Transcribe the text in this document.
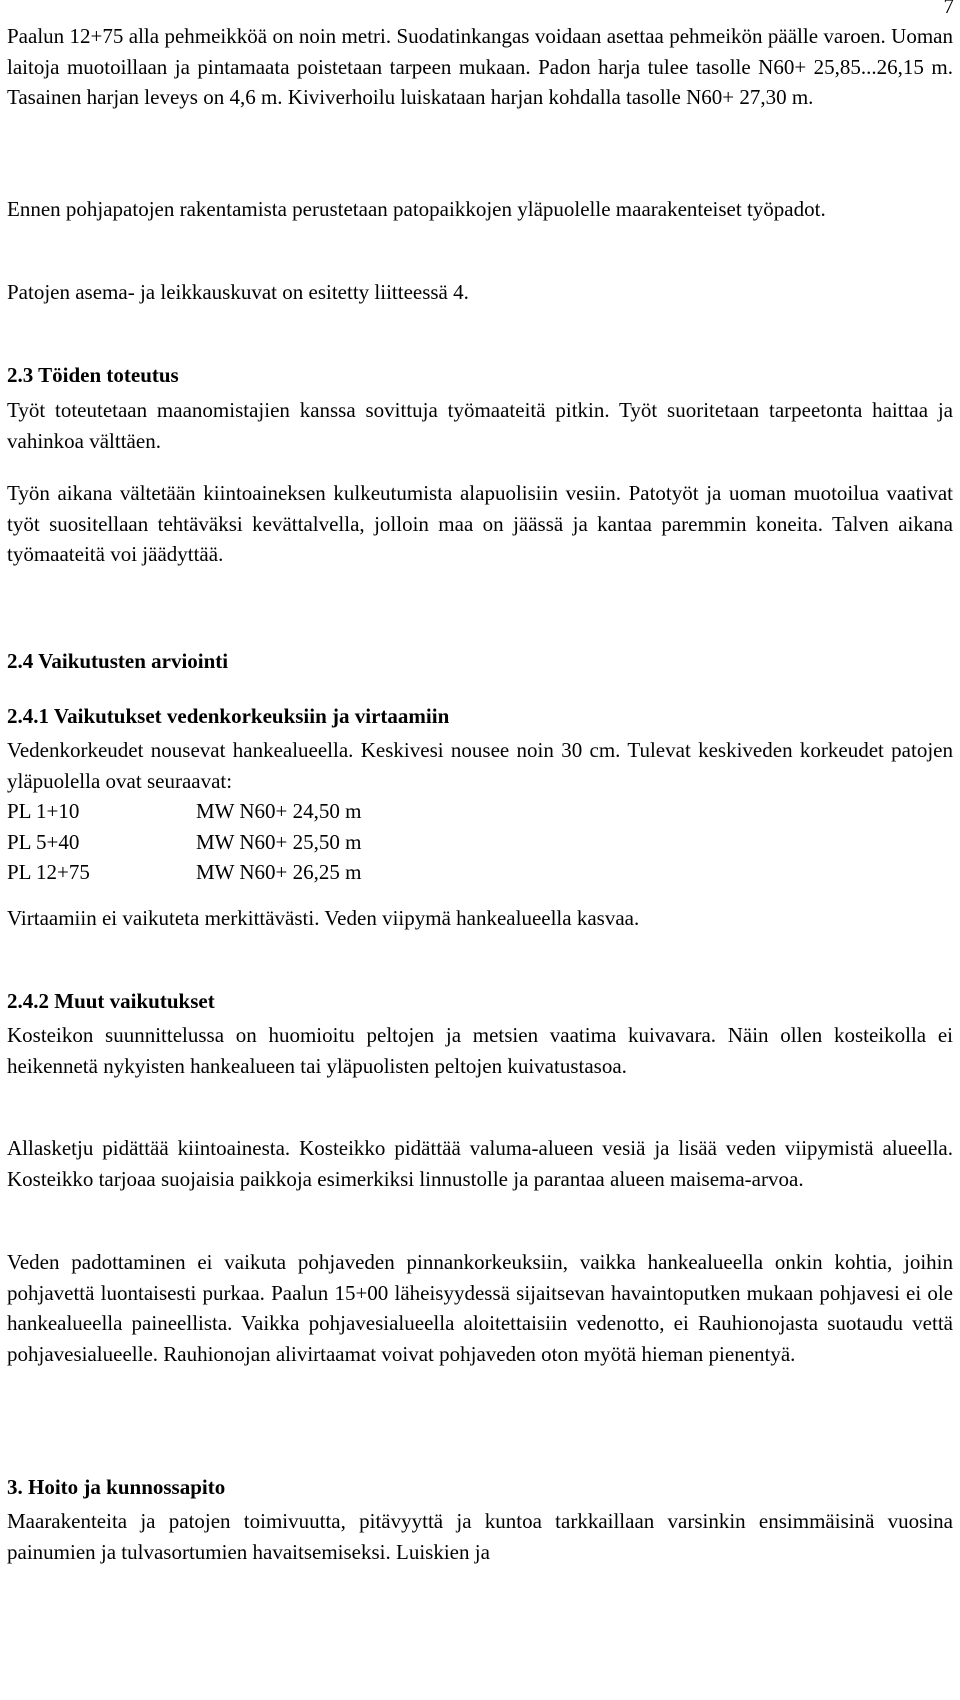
7

Paalun 12+75 alla pehmeikköä on noin metri. Suodatinkangas voidaan asettaa pehmeikön päälle varoen. Uoman laitoja muotoillaan ja pintamaata poistetaan tarpeen mukaan. Padon harja tulee tasolle N60+ 25,85...26,15 m. Tasainen harjan leveys on 4,6 m. Kiviverhoilu luiskataan harjan kohdalla tasolle N60+ 27,30 m.

Ennen pohjapatojen rakentamista perustetaan patopaikkojen yläpuolelle maarakenteiset työpadot.

Patojen asema- ja leikkauskuvat on esitetty liitteessä 4.

2.3 Töiden toteutus

Työt toteutetaan maanomistajien kanssa sovittuja työmaateitä pitkin. Työt suoritetaan tarpeetonta haittaa ja vahinkoa välttäen.

Työn aikana vältetään kiintoaineksen kulkeutumista alapuolisiin vesiin. Patotyöt ja uoman muotoilua vaativat työt suositellaan tehtäväksi kevättalvella, jolloin maa on jäässä ja kantaa paremmin koneita. Talven aikana työmaateitä voi jäädyttää.

2.4 Vaikutusten arviointi

2.4.1 Vaikutukset vedenkorkeuksiin ja virtaamiin

Vedenkorkeudet nousevat hankealueella. Keskivesi nousee noin 30 cm. Tulevat keskiveden korkeudet patojen yläpuolella ovat seuraavat:

PL 1+10	MW N60+ 24,50 m
PL 5+40	MW N60+ 25,50 m
PL 12+75	MW N60+ 26,25 m

Virtaamiin ei vaikuteta merkittävästi. Veden viipymä hankealueella kasvaa.

2.4.2 Muut vaikutukset

Kosteikon suunnittelussa on huomioitu peltojen ja metsien vaatima kuivavara. Näin ollen kosteikolla ei heikennetä nykyisten hankealueen tai yläpuolisten peltojen kuivatustasoa.

Allasketju pidättää kiintoainesta. Kosteikko pidättää valuma-alueen vesiä ja lisää veden viipymistä alueella. Kosteikko tarjoaa suojaisia paikkoja esimerkiksi linnustolle ja parantaa alueen maisema-arvoa.

Veden padottaminen ei vaikuta pohjaveden pinnankorkeuksiin, vaikka hankealueella onkin kohtia, joihin pohjavettä luontaisesti purkaa. Paalun 15+00 läheisyydessä sijaitsevan havaintoputken mukaan pohjavesi ei ole hankealueella paineellista. Vaikka pohjavesialueella aloitettaisiin vedenotto, ei Rauhionojasta suotaudu vettä pohjavesialueelle. Rauhionojan alivirtaamat voivat pohjaveden oton myötä hieman pienentyä.

3. Hoito ja kunnossapito

Maarakenteita ja patojen toimivuutta, pitävyyttä ja kuntoa tarkkaillaan varsinkin ensimmäisinä vuosina painumien ja tulvasortumien havaitsemiseksi. Luiskien ja
